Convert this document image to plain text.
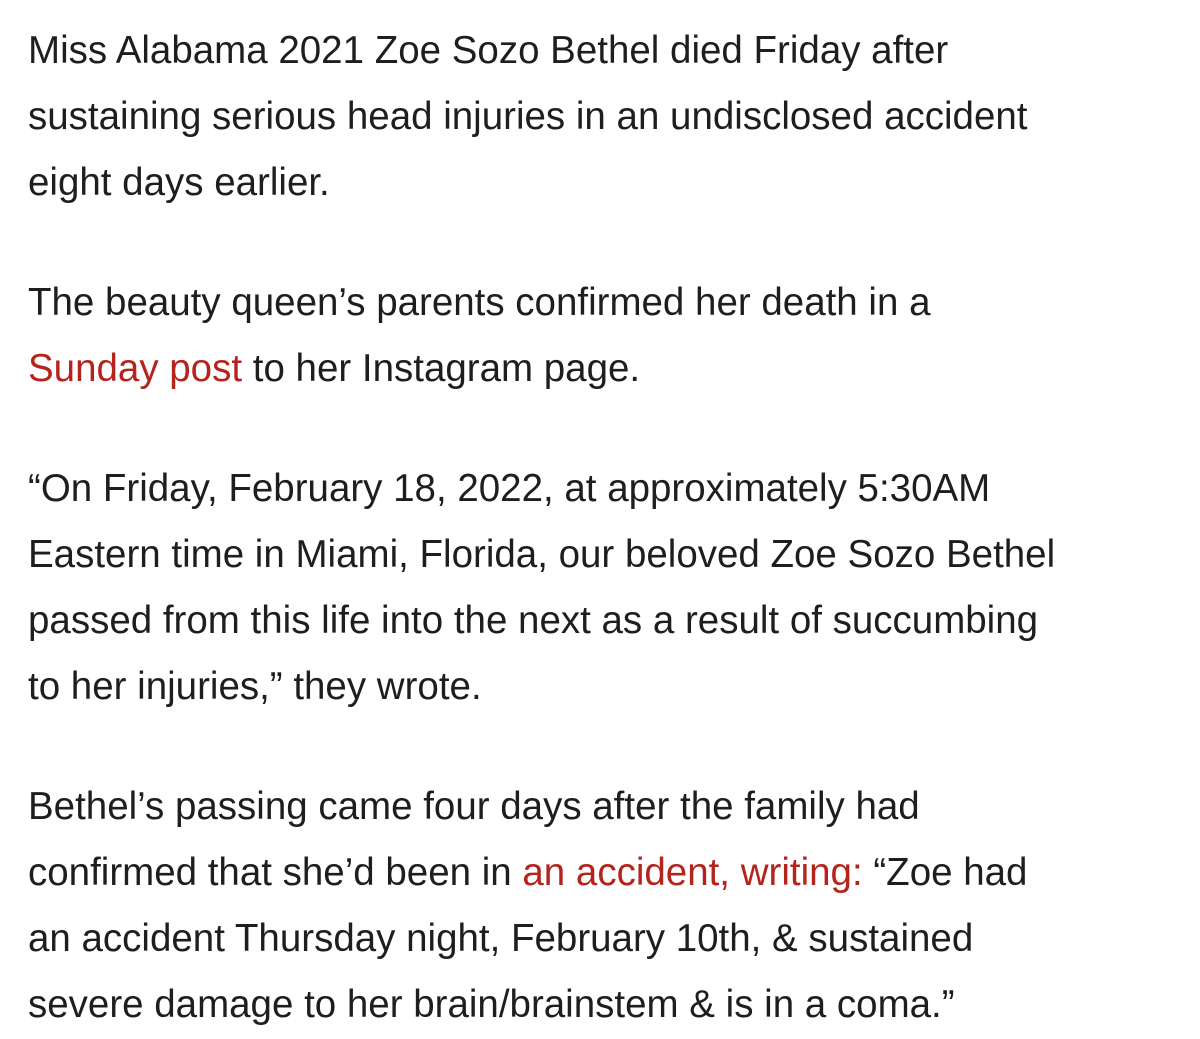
Miss Alabama 2021 Zoe Sozo Bethel died Friday after
sustaining serious head injuries in an undisclosed accident
eight days earlier.

The beauty queen’s parents confirmed her death in a
Sunday post to her Instagram page.

“On Friday, February 18, 2022, at approximately 5:30AM
Eastern time in Miami, Florida, our beloved Zoe Sozo Bethel
passed from this life into the next as a result of succumbing
to her injuries,” they wrote.

Bethel’s passing came four days after the family had
confirmed that she’d been in an accident, writing: “Zoe had
an accident Thursday night, February 10th, & sustained
severe damage to her brain/brainstem & is in a coma.”
